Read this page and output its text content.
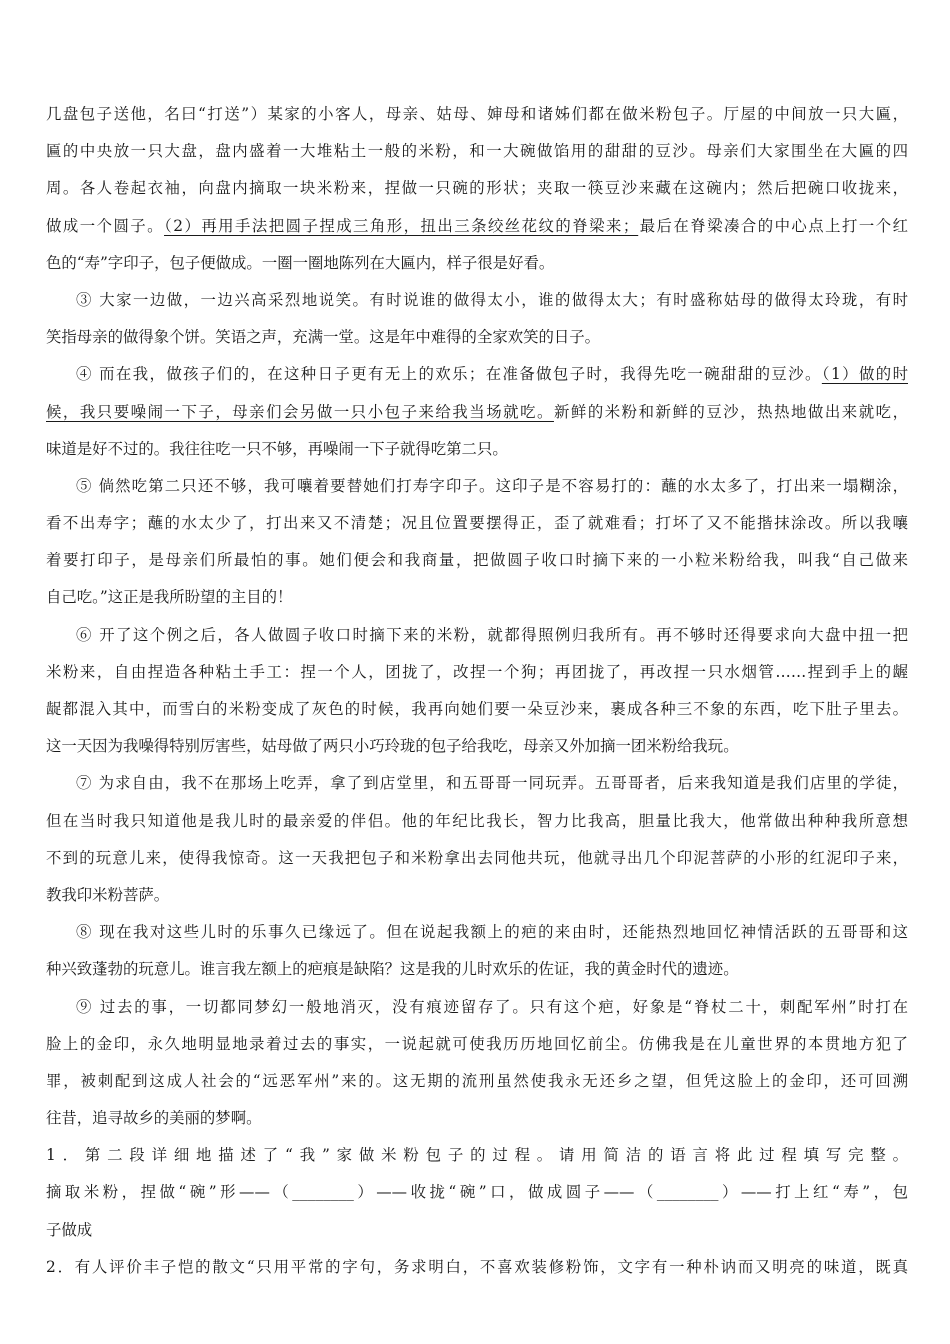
几盘包子送他，名曰“打送”）某家的小客人，母亲、姑母、婶母和诸姊们都在做米粉包子。厅屋的中间放一只大匾，
匾的中央放一只大盘，盘内盛着一大堆粘土一般的米粉，和一大碗做馅用的甜甜的豆沙。母亲们大家围坐在大匾的四
周。各人卷起衣袖，向盘内摘取一块米粉来，捏做一只碗的形状；夹取一筷豆沙来藏在这碗内；然后把碗口收拢来，
做成一个圆子。（2）再用手法把圆子捏成三角形，扭出三条绞丝花纹的脊梁来；最后在脊梁凑合的中心点上打一个红
色的“寿”字印子，包子便做成。一圈一圈地陈列在大匾内，样子很是好看。
③ 大家一边做，一边兴高采烈地说笑。有时说谁的做得太小，谁的做得太大；有时盛称姑母的做得太玲珑，有时
笑指母亲的做得象个饼。笑语之声，充满一堂。这是年中难得的全家欢笑的日子。
④ 而在我，做孩子们的，在这种日子更有无上的欢乐；在准备做包子时，我得先吃一碗甜甜的豆沙。（1）做的时
候，我只要噪闹一下子，母亲们会另做一只小包子来给我当场就吃。新鲜的米粉和新鲜的豆沙，热热地做出来就吃，
味道是好不过的。我往往吃一只不够，再噪闹一下子就得吃第二只。
⑤ 倘然吃第二只还不够，我可嚷着要替她们打寿字印子。这印子是不容易打的：蘸的水太多了，打出来一塌糊涂，
看不出寿字；蘸的水太少了，打出来又不清楚；况且位置要摆得正，歪了就难看；打坏了又不能揩抹涂改。所以我嚷
着要打印子，是母亲们所最怕的事。她们便会和我商量，把做圆子收口时摘下来的一小粒米粉给我，叫我“自己做来
自己吃。”这正是我所盼望的主目的！
⑥ 开了这个例之后，各人做圆子收口时摘下来的米粉，就都得照例归我所有。再不够时还得要求向大盘中扭一把
米粉来，自由捏造各种粘土手工：捏一个人，团拢了，改捏一个狗；再团拢了，再改捏一只水烟管……捏到手上的龌
龊都混入其中，而雪白的米粉变成了灰色的时候，我再向她们要一朵豆沙来，裹成各种三不象的东西，吃下肚子里去。
这一天因为我噪得特别厉害些，姑母做了两只小巧玲珑的包子给我吃，母亲又外加摘一团米粉给我玩。
⑦ 为求自由，我不在那场上吃弄，拿了到店堂里，和五哥哥一同玩弄。五哥哥者，后来我知道是我们店里的学徒，
但在当时我只知道他是我儿时的最亲爱的伴侣。他的年纪比我长，智力比我高，胆量比我大，他常做出种种我所意想
不到的玩意儿来，使得我惊奇。这一天我把包子和米粉拿出去同他共玩，他就寻出几个印泥菩萨的小形的红泥印子来，
教我印米粉菩萨。
⑧ 现在我对这些儿时的乐事久已缘远了。但在说起我额上的疤的来由时，还能热烈地回忆神情活跃的五哥哥和这
种兴致蓬勃的玩意儿。谁言我左额上的疤痕是缺陷？这是我的儿时欢乐的佐证，我的黄金时代的遗迹。
⑨ 过去的事，一切都同梦幻一般地消灭，没有痕迹留存了。只有这个疤，好象是“脊杖二十，刺配军州”时打在
脸上的金印，永久地明显地录着过去的事实，一说起就可使我历历地回忆前尘。仿佛我是在儿童世界的本贯地方犯了
罪，被刺配到这成人社会的“远恶军州”来的。这无期的流刑虽然使我永无还乡之望，但凭这脸上的金印，还可回溯
往昔，追寻故乡的美丽的梦啊。
1．第二段详细地描述了“我”家做米粉包子的过程。请用简洁的语言将此过程填写完整。
摘取米粉，捏做“碗”形——（________）——收拢“碗”口，做成圆子——（________）——打上红“寿”，包
子做成
2．有人评价丰子恺的散文“只用平常的字句，务求明白，不喜欢装修粉饰，文字有一种朴讷而又明亮的味道，既真
